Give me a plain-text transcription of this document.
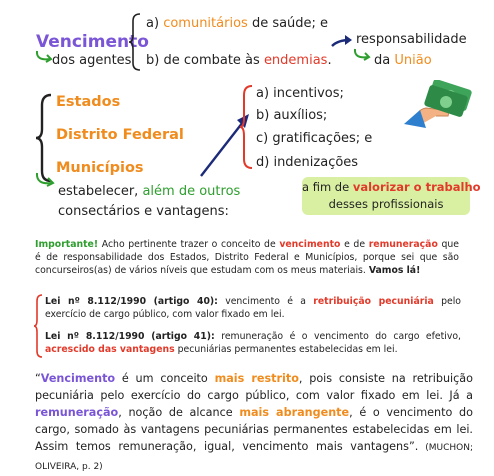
Vencimento
dos agentes
a) comunitários de saúde; e
b) de combate às endemias.
responsabilidade
da União
Estados
Distrito Federal
Municípios
estabelecer, além de outros
consectários e vantagens:
a) incentivos;
b) auxílios;
c) gratificações; e
d) indenizações
a fim de valorizar o trabalho
desses profissionais
Importante! Acho pertinente trazer o conceito de vencimento e de remuneração que é de responsabilidade dos Estados, Distrito Federal e Municípios, porque sei que são concurseiros(as) de vários níveis que estudam com os meus materiais. Vamos lá!
Lei nº 8.112/1990 (artigo 40): vencimento é a retribuição pecuniária pelo exercício de cargo público, com valor fixado em lei.
Lei nº 8.112/1990 (artigo 41): remuneração é o vencimento do cargo efetivo, acrescido das vantagens pecuniárias permanentes estabelecidas em lei.
“Vencimento é um conceito mais restrito, pois consiste na retribuição pecuniária pelo exercício do cargo público, com valor fixado em lei. Já a remuneração, noção de alcance mais abrangente, é o vencimento do cargo, somado às vantagens pecuniárias permanentes estabelecidas em lei. Assim temos remuneração, igual, vencimento mais vantagens”. (MUCHON; OLIVEIRA, p. 2)
